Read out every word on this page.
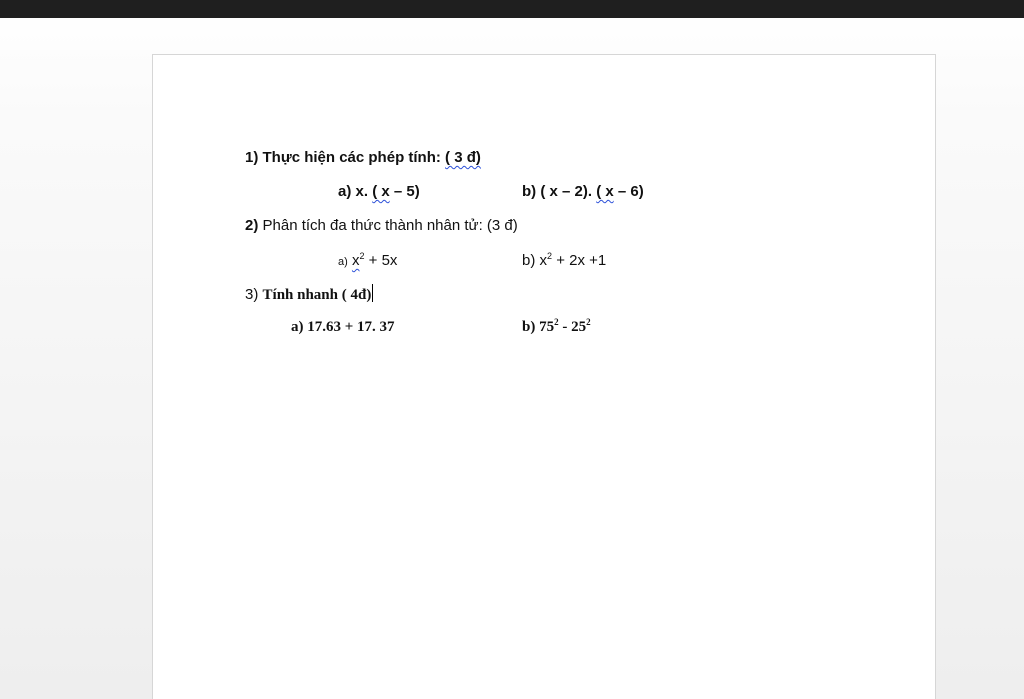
1) Thực hiện các phép tính: ( 3 đ)
a) x. ( x – 5)	b) ( x – 2). ( x – 6)
2) Phân tích đa thức thành nhân tử: (3 đ)
a) $x^2 + 5x$	b) $x^2 + 2x +1$
3) Tính nhanh ( 4đ)
a) 17.63 + 17. 37	b) $75^2 - 25^2$
